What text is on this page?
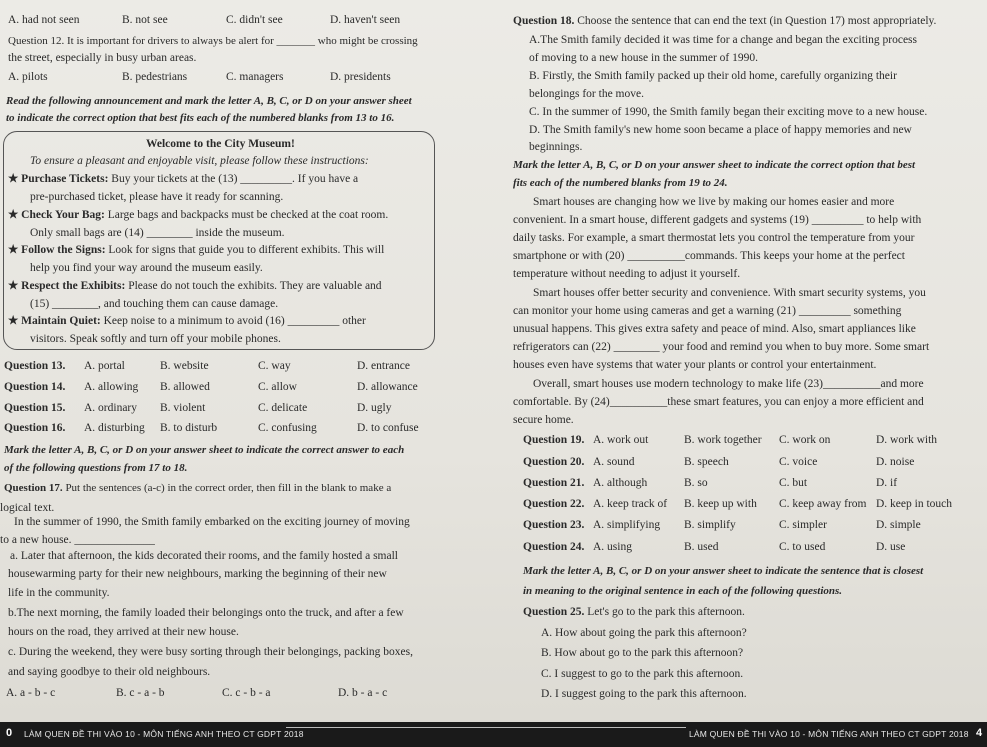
A. had not seen	B. not see	C. didn't see	D. haven't seen
Question 12. It is important for drivers to always be alert for _______ who might be crossing
the street, especially in busy urban areas.
A. pilots	B. pedestrians	C. managers	D. presidents
Read the following announcement and mark the letter A, B, C, or D on your answer sheet
to indicate the correct option that best fits each of the numbered blanks from 13 to 16.
Welcome to the City Museum!
To ensure a pleasant and enjoyable visit, please follow these instructions:
★ Purchase Tickets: Buy your tickets at the (13) _________. If you have a
pre-purchased ticket, please have it ready for scanning.
★ Check Your Bag: Large bags and backpacks must be checked at the coat room.
Only small bags are (14) ________ inside the museum.
★ Follow the Signs: Look for signs that guide you to different exhibits. This will
help you find your way around the museum easily.
★ Respect the Exhibits: Please do not touch the exhibits. They are valuable and
(15) ________, and touching them can cause damage.
★ Maintain Quiet: Keep noise to a minimum to avoid (16) _________ other
visitors. Speak softly and turn off your mobile phones.
Question 13. A. portal	B. website	C. way	D. entrance
Question 14. A. allowing B. allowed	C. allow	D. allowance
Question 15. A. ordinary B. violent	C. delicate	D. ugly
Question 16. A. disturbing B. to disturb	C. confusing	D. to confuse
Mark the letter A, B, C, or D on your answer sheet to indicate the correct answer to each
of the following questions from 17 to 18.
Question 17. Put the sentences (a-c) in the correct order, then fill in the blank to make a
logical text.
In the summer of 1990, the Smith family embarked on the exciting journey of moving
to a new house. ______________
a. Later that afternoon, the kids decorated their rooms, and the family hosted a small
housewarming party for their new neighbours, marking the beginning of their new
life in the community.
b.The next morning, the family loaded their belongings onto the truck, and after a few
hours on the road, they arrived at their new house.
c. During the weekend, they were busy sorting through their belongings, packing boxes,
and saying goodbye to their old neighbours.
A. a - b - c	B. c - a - b	C. c - b - a	D. b - a - c
Question 18. Choose the sentence that can end the text (in Question 17) most appropriately.
A.The Smith family decided it was time for a change and began the exciting process
of moving to a new house in the summer of 1990.
B. Firstly, the Smith family packed up their old home, carefully organizing their
belongings for the move.
C. In the summer of 1990, the Smith family began their exciting move to a new house.
D. The Smith family's new home soon became a place of happy memories and new
beginnings.
Mark the letter A, B, C, or D on your answer sheet to indicate the correct option that best
fits each of the numbered blanks from 19 to 24.
Smart houses are changing how we live by making our homes easier and more
convenient. In a smart house, different gadgets and systems (19) _________ to help with
daily tasks. For example, a smart thermostat lets you control the temperature from your
smartphone or with (20) __________commands. This keeps your home at the perfect
temperature without needing to adjust it yourself.
Smart houses offer better security and convenience. With smart security systems, you
can monitor your home using cameras and get a warning (21) _________ something
unusual happens. This gives extra safety and peace of mind. Also, smart appliances like
refrigerators can (22) ________ your food and remind you when to buy more. Some smart
houses even have systems that water your plants or control your entertainment.
Overall, smart houses use modern technology to make life (23)__________and more
comfortable. By (24)__________these smart features, you can enjoy a more efficient and
secure home.
Question 19. A. work out	B. work together C. work on	D. work with
Question 20. A. sound	B. speech	C. voice	D. noise
Question 21. A. although	B. so	C. but	D. if
Question 22. A. keep track of B. keep up with C. keep away from D. keep in touch
Question 23. A. simplifying B. simplify	C. simpler	D. simple
Question 24. A. using	B. used	C. to used	D. use
Mark the letter A, B, C, or D on your answer sheet to indicate the sentence that is closest
in meaning to the original sentence in each of the following questions.
Question 25. Let's go to the park this afternoon.
A. How about going the park this afternoon?
B. How about go to the park this afternoon?
C. I suggest to go to the park this afternoon.
D. I suggest going to the park this afternoon.
0 LÀM QUEN ĐỀ THI VÀO 10 - MÔN TIẾNG ANH THEO CT GDPT 2018	LÀM QUEN ĐỀ THI VÀO 10 - MÔN TIẾNG ANH THEO CT GDPT 2018 4
